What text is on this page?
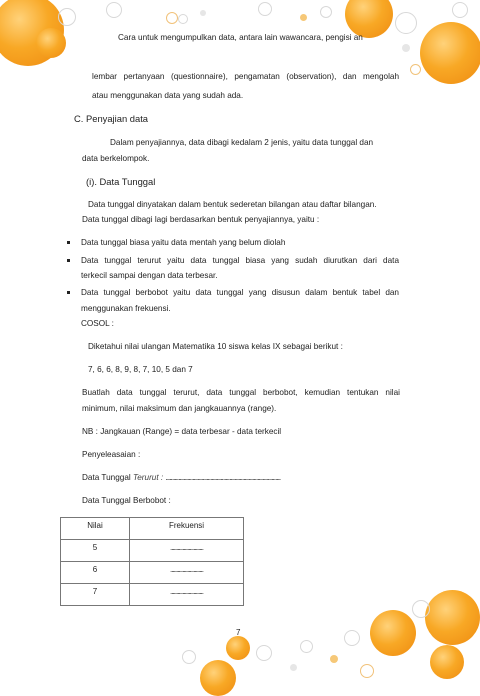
Cara untuk mengumpulkan data, antara lain wawancara, pengisi an
lembar pertanyaan (questionnaire), pengamatan (observation), dan mengolah
atau menggunakan data yang sudah ada.
C. Penyajian data
Dalam penyajiannya, data dibagi kedalam 2 jenis, yaitu data tunggal dan
data berkelompok.
(i). Data Tunggal
Data tunggal dinyatakan dalam bentuk sederetan bilangan atau daftar bilangan.
Data tunggal dibagi lagi berdasarkan bentuk penyajiannya, yaitu :
Data tunggal biasa yaitu data mentah yang belum diolah
Data tunggal terurut yaitu data tunggal biasa yang sudah diurutkan dari data
terkecil sampai dengan data terbesar.
Data tunggal berbobot yaitu data tunggal yang disusun dalam bentuk tabel dan
menggunakan frekuensi.
COSOL :
Diketahui nilai ulangan Matematika 10 siswa kelas IX sebagai berikut :
7, 6, 6, 8, 9, 8, 7, 10, 5 dan 7
Buatlah data tunggal terurut, data tunggal berbobot, kemudian tentukan nilai
minimum, nilai maksimum dan jangkauannya (range).
NB : Jangkauan (Range) = data terbesar - data terkecil
Penyeleasaian :
Data Tunggal Terurut : ..........................................................................................
Data Tunggal Berbobot :
Nilai	Frekuensi
5	...........................
6	...........................
7	...........................
7
